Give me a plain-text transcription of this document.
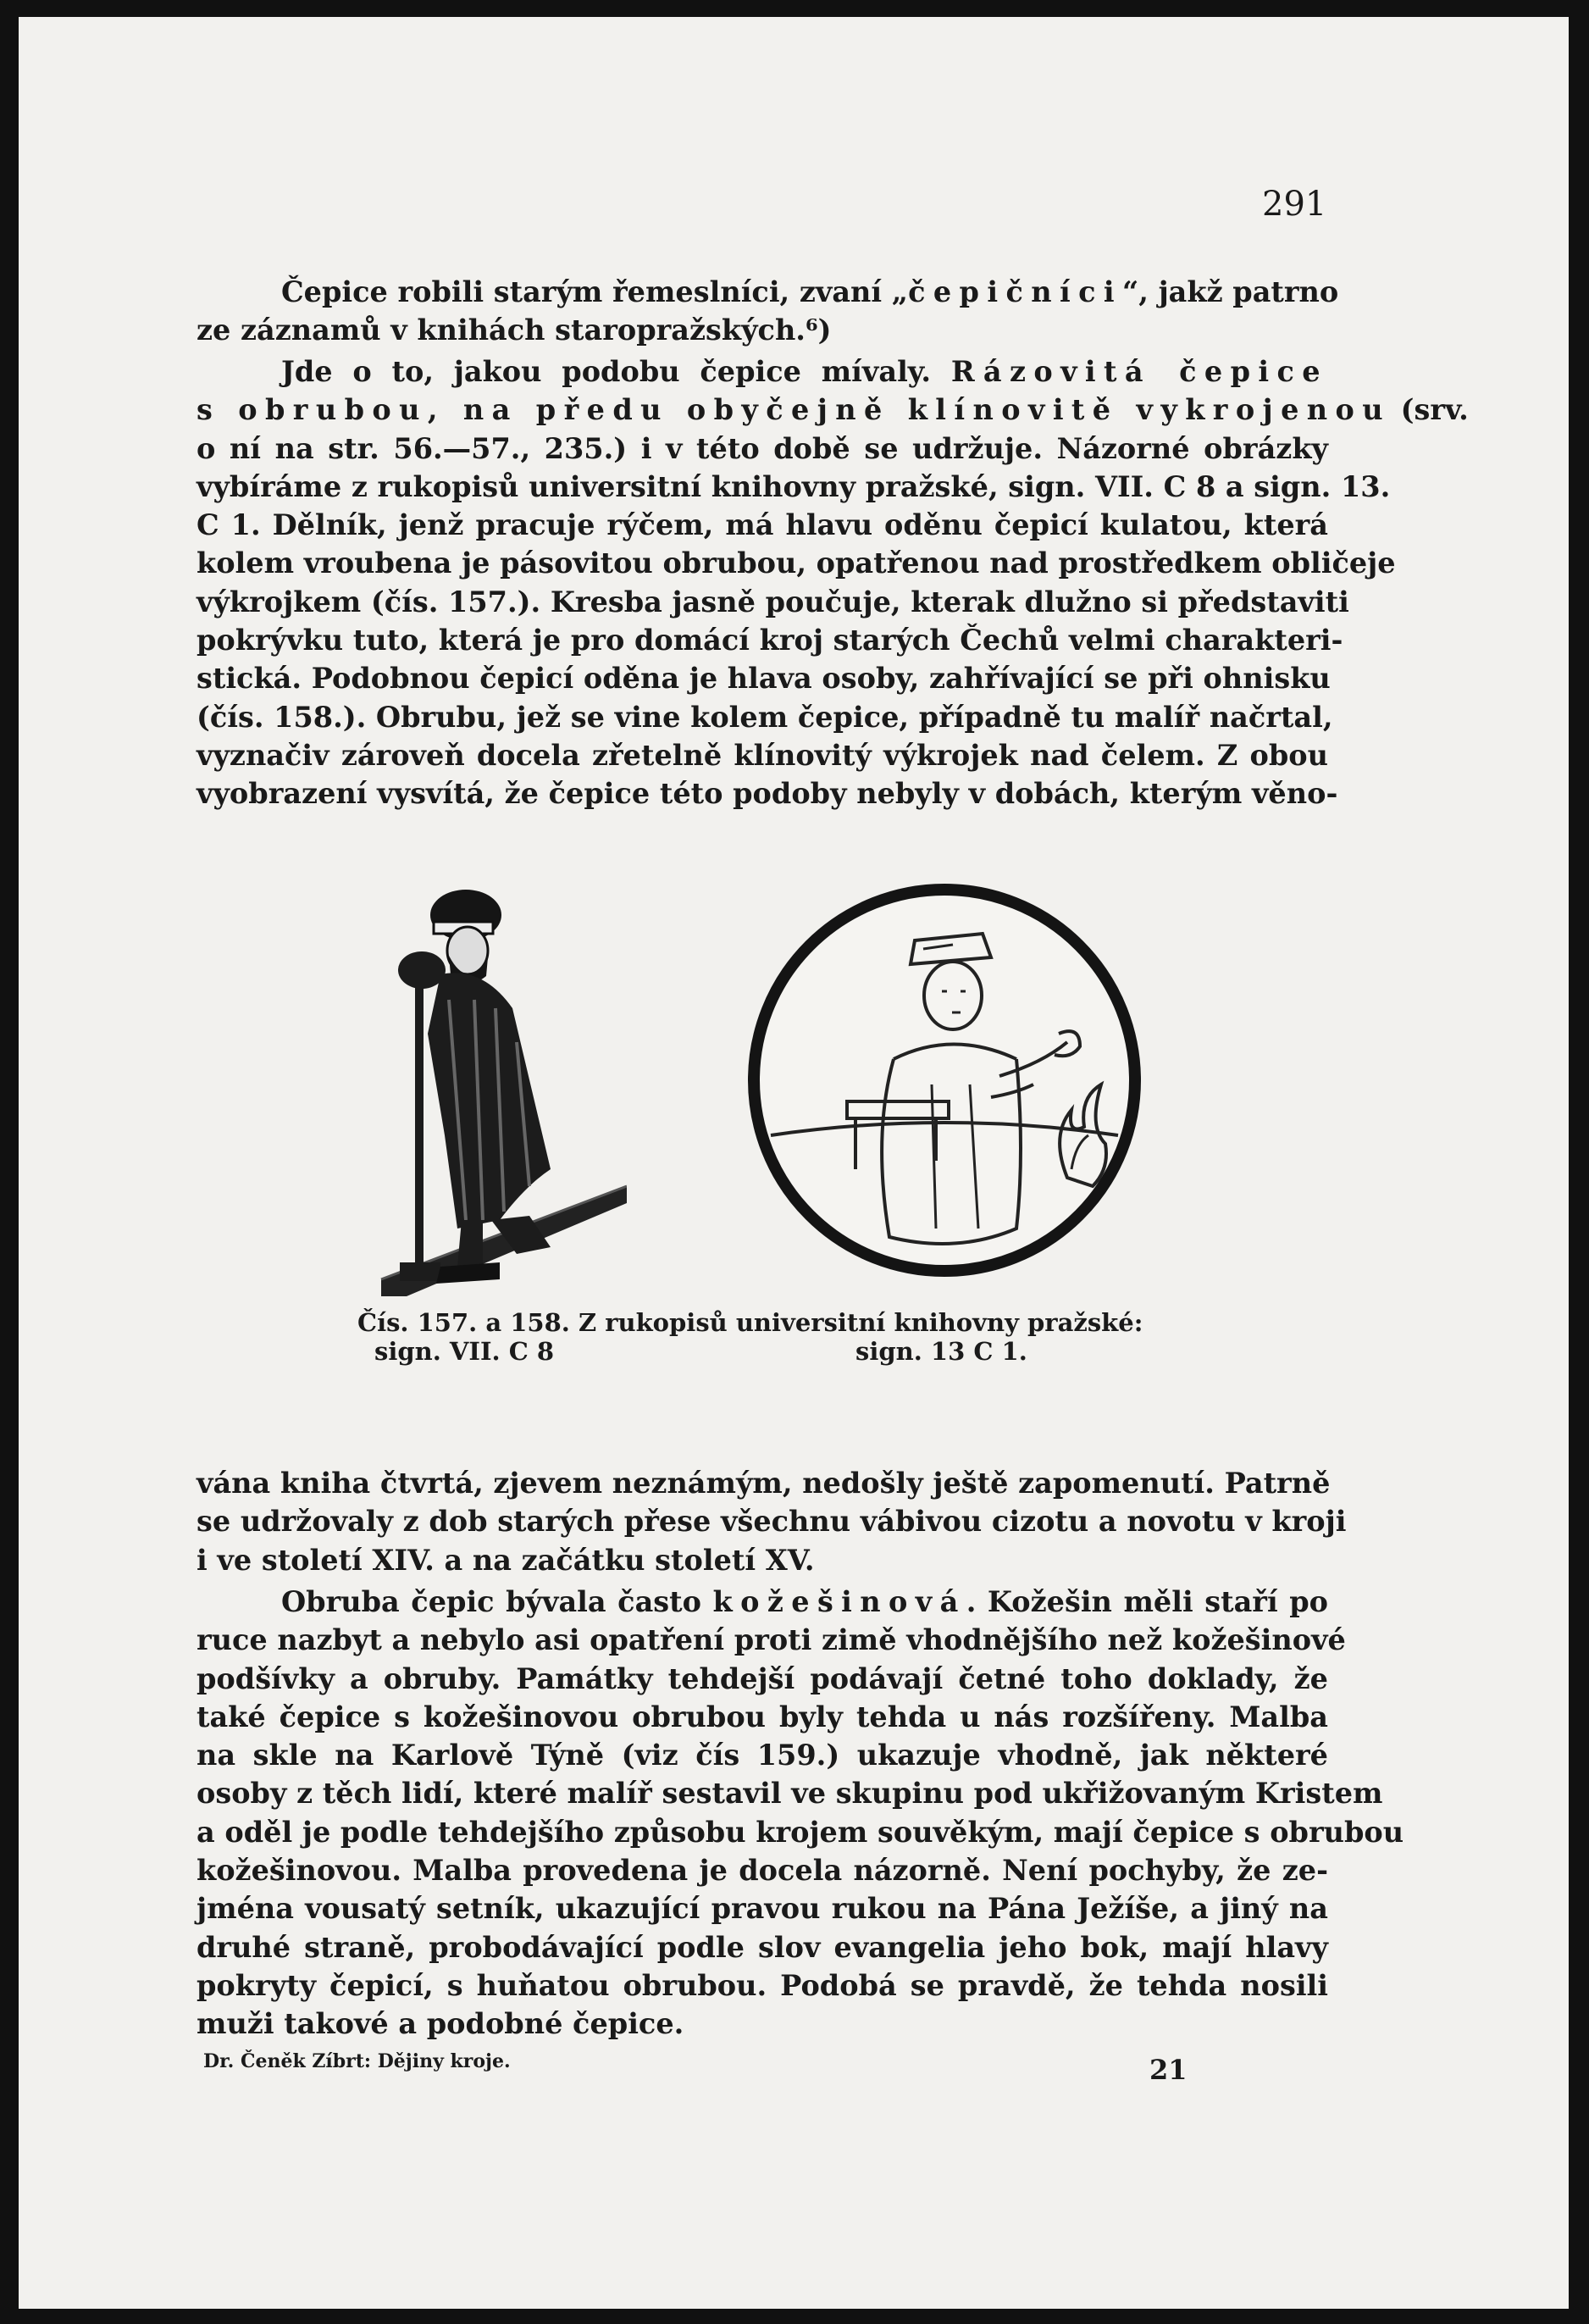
291
Čepice robili starým řemeslníci, zvaní „čepičníci“, jakž patrno
ze záznamů v knihách staropražských.⁶)
Jde o to, jakou podobu čepice mívaly. Rázovitá čepice
s obrubou, na předu obyčejně klínovitě vykrojenou (srv.
o ní na str. 56.—57., 235.) i v této době se udržuje. Názorné obrázky
vybíráme z rukopisů universitní knihovny pražské, sign. VII. C 8 a sign. 13.
C 1. Dělník, jenž pracuje rýčem, má hlavu oděnu čepicí kulatou, která
kolem vroubena je pásovitou obrubou, opatřenou nad prostředkem obličeje
výkrojkem (čís. 157.). Kresba jasně poučuje, kterak dlužno si představiti
pokrývku tuto, která je pro domácí kroj starých Čechů velmi charakteri-
stická. Podobnou čepicí oděna je hlava osoby, zahřívající se při ohnisku
(čís. 158.). Obrubu, jež se vine kolem čepice, případně tu malíř načrtal,
vyznačiv zároveň docela zřetelně klínovitý výkrojek nad čelem. Z obou
vyobrazení vysvítá, že čepice této podoby nebyly v dobách, kterým věno-
Čís. 157. a 158. Z rukopisů universitní knihovny pražské:
sign. VII. C 8	sign. 13 C 1.
vána kniha čtvrtá, zjevem neznámým, nedošly ještě zapomenutí. Patrně
se udržovaly z dob starých přese všechnu vábivou cizotu a novotu v kroji
i ve století XIV. a na začátku století XV.
Obruba čepic bývala často kožešinová. Kožešin měli staří po
ruce nazbyt a nebylo asi opatření proti zimě vhodnějšího než kožešinové
podšívky a obruby. Památky tehdejší podávají četné toho doklady, že
také čepice s kožešinovou obrubou byly tehda u nás rozšířeny. Malba
na skle na Karlově Týně (viz čís 159.) ukazuje vhodně, jak některé
osoby z těch lidí, které malíř sestavil ve skupinu pod ukřižovaným Kristem
a oděl je podle tehdejšího způsobu krojem souvěkým, mají čepice s obrubou
kožešinovou. Malba provedena je docela názorně. Není pochyby, že ze-
jména vousatý setník, ukazující pravou rukou na Pána Ježíše, a jiný na
druhé straně, probodávající podle slov evangelia jeho bok, mají hlavy
pokryty čepicí, s huňatou obrubou. Podobá se pravdě, že tehda nosili
muži takové a podobné čepice.
Dr. Čeněk Zíbrt: Dějiny kroje.	21
